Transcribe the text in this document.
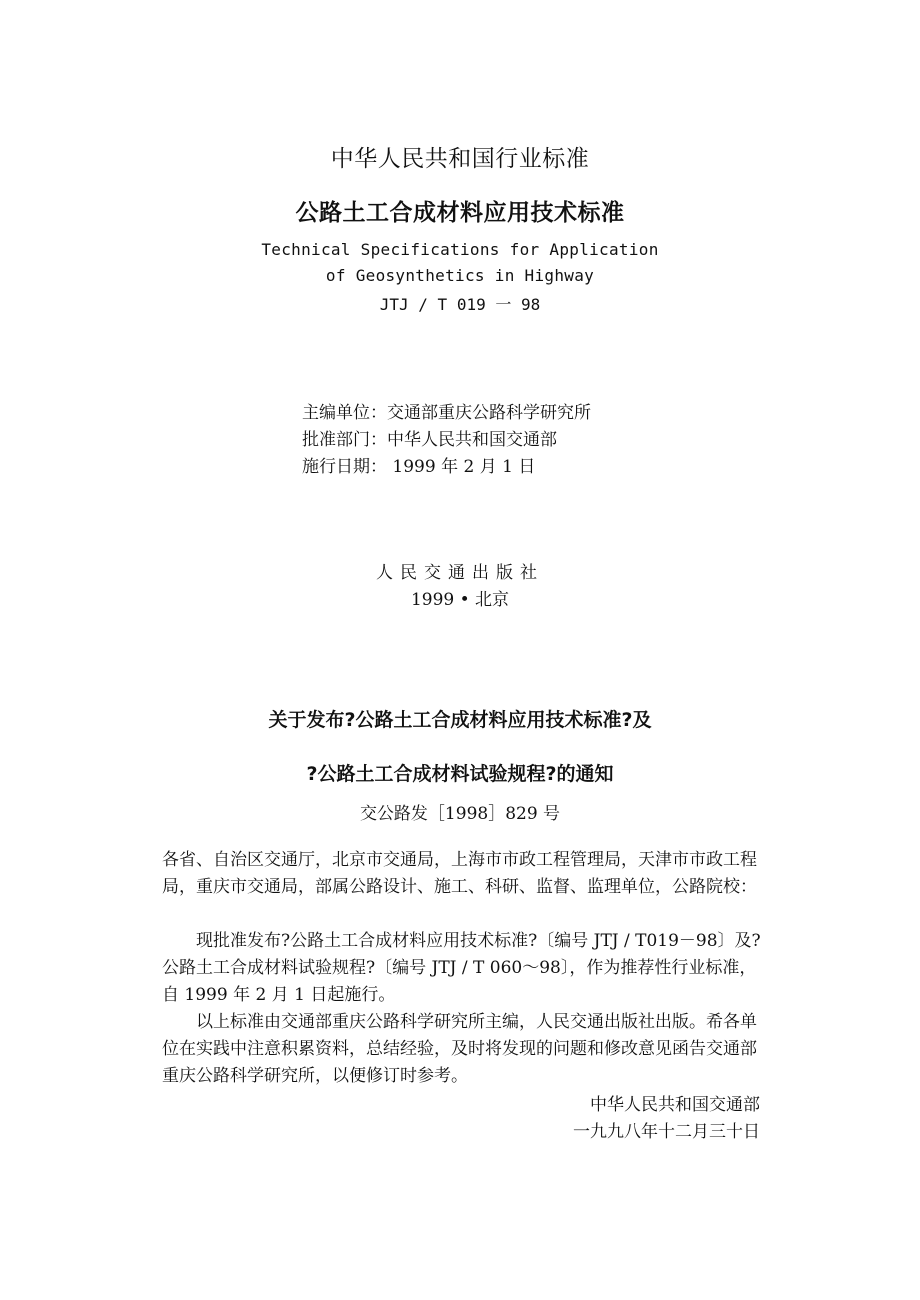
中华人民共和国行业标准
公路土工合成材料应用技术标准
Technical Specifications for Application
of Geosynthetics in Highway
JTJ / T 019 一 98
主编单位：交通部重庆公路科学研究所
批准部门：中华人民共和国交通部
施行日期： 1999 年 2 月 1 日
人民交通出版社
1999 • 北京
关于发布?公路土工合成材料应用技术标准?及
?公路土工合成材料试验规程?的通知
交公路发［1998］829 号

各省、自治区交通厅，北京市交通局，上海市市政工程管理局，天津市市政工程局，重庆市交通局，部属公路设计、施工、科研、监督、监理单位，公路院校：

现批准发布?公路土工合成材料应用技术标准?〔编号 JTJ / T019－98〕及?公路土工合成材料试验规程?〔编号 JTJ / T 060～98〕，作为推荐性行业标准，自 1999 年 2 月 1 日起施行。

以上标准由交通部重庆公路科学研究所主编，人民交通出版社出版。希各单位在实践中注意积累资料，总结经验，及时将发现的问题和修改意见函告交通部重庆公路科学研究所，以便修订时参考。

中华人民共和国交通部
一九九八年十二月三十日
